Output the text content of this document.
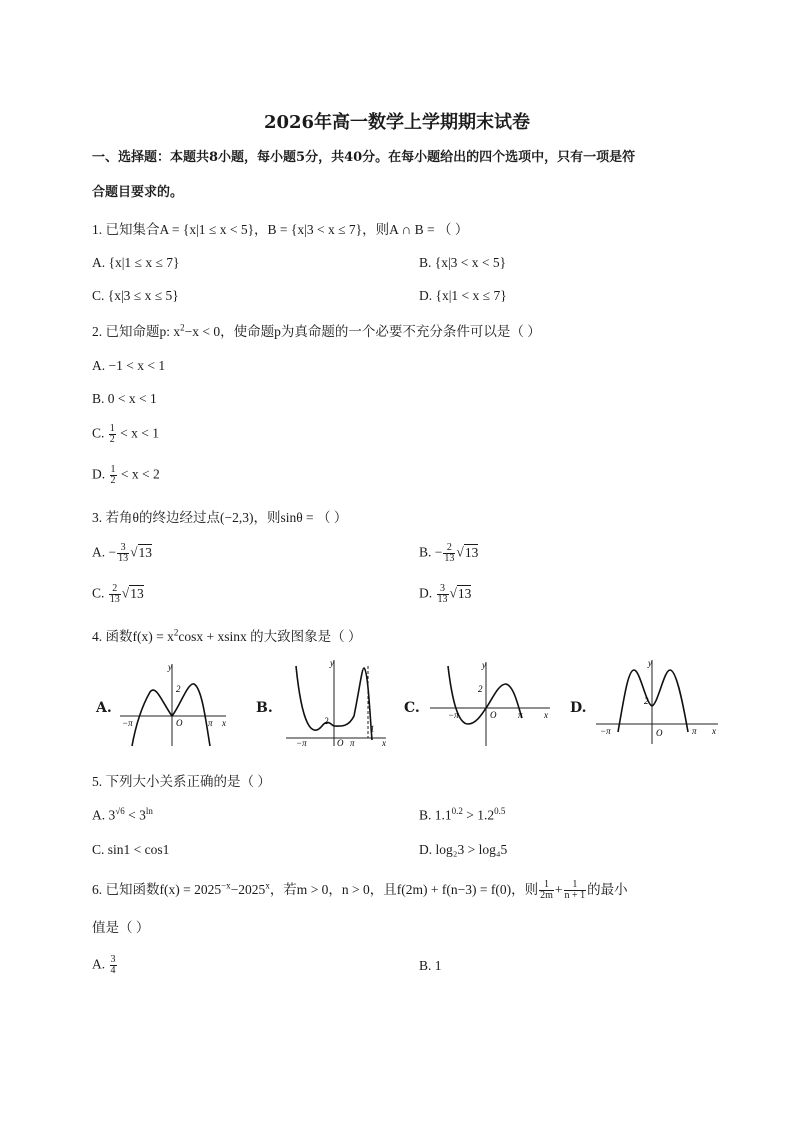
2026年高一数学上学期期末试卷
一、选择题：本题共8小题，每小题5分，共40分。在每小题给出的四个选项中，只有一项是符
合题目要求的。
1. 已知集合A = {x|1 ≤ x < 5}，B = {x|3 < x ≤ 7}，则A ∩ B = （ ）
A. {x|1 ≤ x ≤ 7}	B. {x|3 < x < 5}
C. {x|3 ≤ x ≤ 5}	D. {x|1 < x ≤ 7}
2. 已知命题p: $x^2-x < 0$，使命题p为真命题的一个必要不充分条件可以是（ ）
A. −1 < x < 1
B. 0 < x < 1
C. $\frac{1}{2} < x < 1$
D. $\frac{1}{2} < x < 2$
3. 若角θ的终边经过点(−2,3)，则sinθ = （ ）
A. − $\frac{3}{13} √13$	B. − $\frac{2}{13} √13$
C. $\frac{2}{13} √13$	D. $\frac{3}{13} √13$
4. 函数$f(x) = x^2\cos x + xsinx$ 的大致图象是（ ）
A.
y
x
O
2
−π	π
B.
y
x
O
2
−π	π
1
C.
y
x
O
2
−π	π	D.
y
x
O
2
−π	π
5. 下列大小关系正确的是（ ）
A. $3^{√6} < 3^{ln}$	B. $1.1^{0.2} > 1.2^{0.5}$
C. sin1 < cos1	D. log₂3 > log₄5
6. 已知函数$f(x) = 2025^{-x}-2025^x$，若m > 0，n > 0，且f(2m) + f(n−3) = f(0)，则 $\frac{1}{2m} + \frac{1}{n + 1}$ 的最小
值是（ ）
A. $\frac{3}{4}$	B. 1
